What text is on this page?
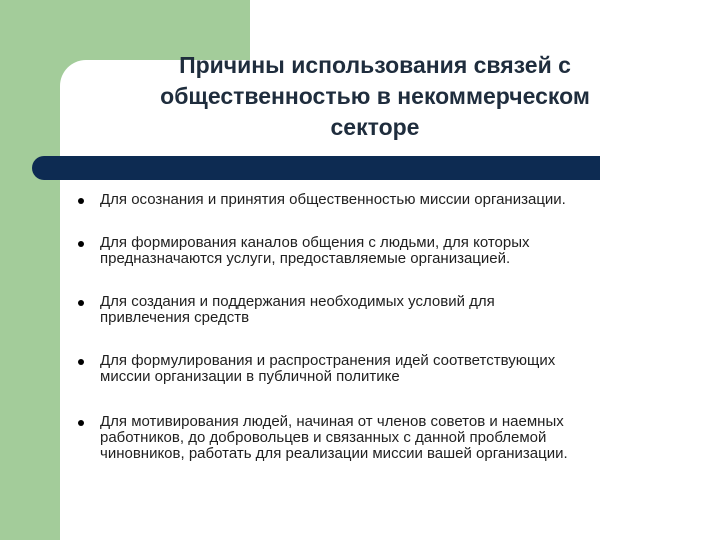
Причины использования связей с
общественностью в некоммерческом
секторе
Для осознания и принятия общественностью миссии организации.
Для формирования каналов общения с людьми, для которых
предназначаются услуги, предоставляемые организацией.
Для создания и поддержания необходимых условий для
привлечения средств
Для формулирования и распространения идей соответствующих
миссии организации в публичной политике
Для мотивирования людей, начиная от членов советов и наемных
работников, до добровольцев и связанных с данной проблемой
чиновников, работать для реализации миссии вашей организации.
